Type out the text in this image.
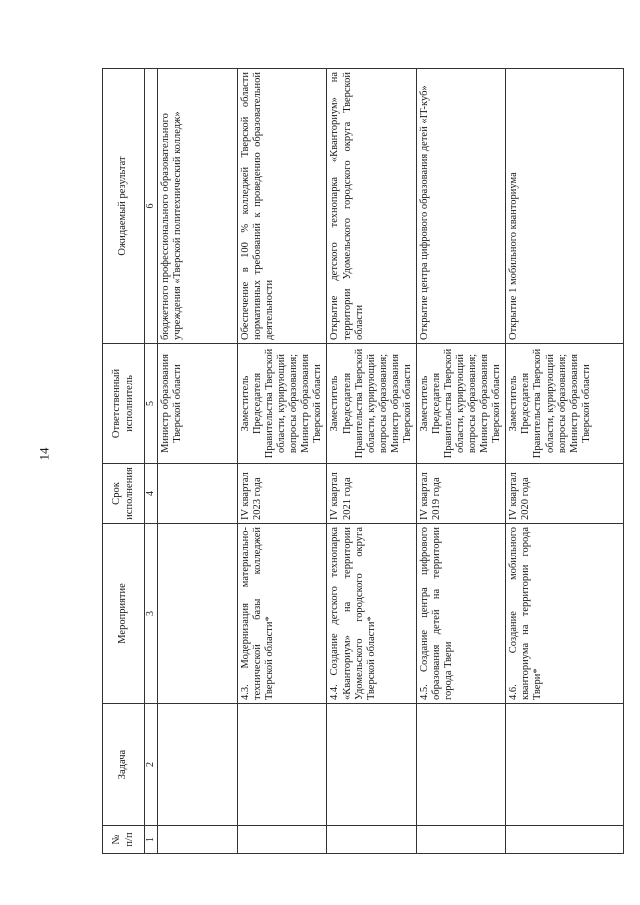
14
№ п/п	Задача	Мероприятие	Срок исполнения	Ответственный исполнитель	Ожидаемый результат
1	2	3	4	5	6
				Министр образования Тверской области	бюджетного профессионального образовательного учреждения «Тверской политехнический колледж»
		4.3. Модернизация материально-технической базы колледжей Тверской области*	IV квартал 2023 года	Заместитель Председателя Правительства Тверской области, курирующий вопросы образования; Министр образования Тверской области	Обеспечение в 100 % колледжей Тверской области нормативных требований к проведению образовательной деятельности
		4.4. Создание детского технопарка «Кванториум» на территории Удомельского городского округа Тверской области*	IV квартал 2021 года	Заместитель Председателя Правительства Тверской области, курирующий вопросы образования; Министр образования Тверской области	Открытие детского технопарка «Кванториум» на территории Удомельского городского округа Тверской области
		4.5. Создание центра цифрового образования детей на территории города Твери	IV квартал 2019 года	Заместитель Председателя Правительства Тверской области, курирующий вопросы образования; Министр образования Тверской области	Открытие центра цифрового образования детей «IT-куб»
		4.6. Создание мобильного кванториума на территории города Твери*	IV квартал 2020 года	Заместитель Председателя Правительства Тверской области, курирующий вопросы образования; Министр образования Тверской области	Открытие 1 мобильного кванториума
